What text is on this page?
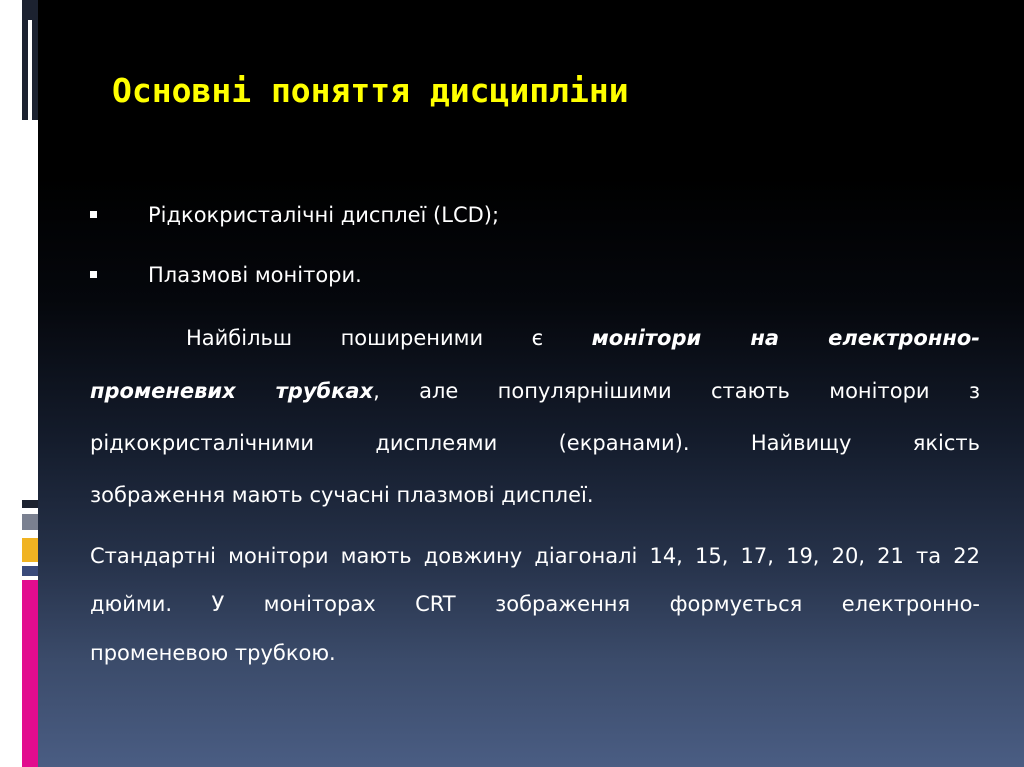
Основні поняття дисципліни
Рідкокристалічні дисплеї (LCD);
Плазмові монітори.
Найбільш поширеними є монітори на електронно-
променевих трубках, але популярнішими стають монітори з
рідкокристалічними дисплеями (екранами). Найвищу якість
зображення мають сучасні плазмові дисплеї.
Стандартні монітори мають довжину діагоналі 14, 15, 17, 19, 20, 21 та 22
дюйми. У моніторах CRT зображення формується електронно-
променевою трубкою.
